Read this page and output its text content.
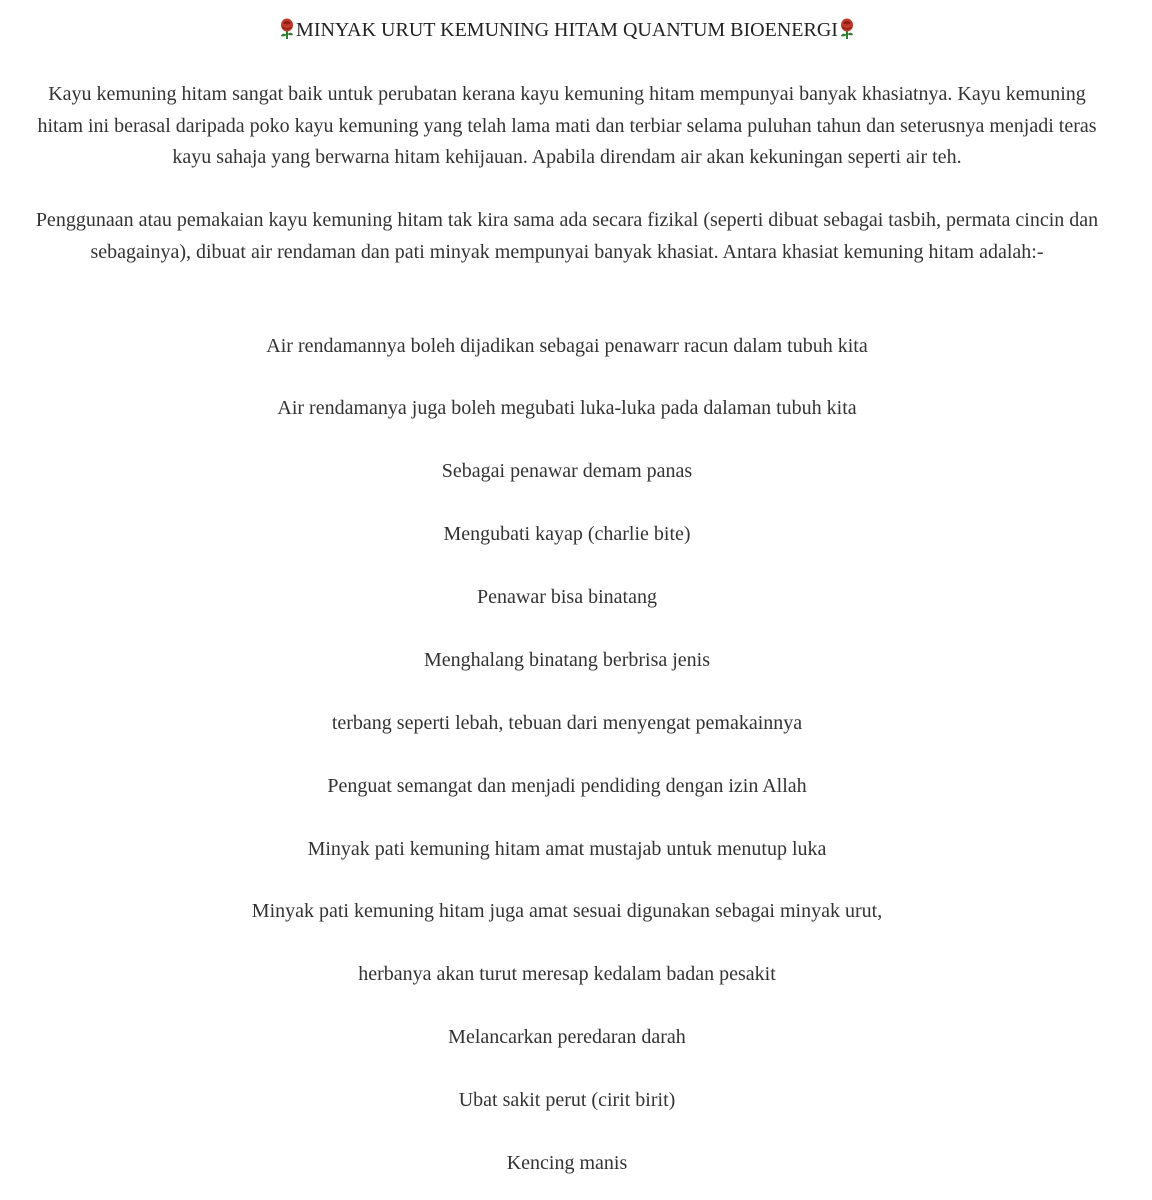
MINYAK URUT KEMUNING HITAM QUANTUM BIOENERGI

Kayu kemuning hitam sangat baik untuk perubatan kerana kayu kemuning hitam mempunyai banyak khasiatnya. Kayu kemuning hitam ini berasal daripada poko kayu kemuning yang telah lama mati dan terbiar selama puluhan tahun dan seterusnya menjadi teras kayu sahaja yang berwarna hitam kehijauan. Apabila direndam air akan kekuningan seperti air teh.

Penggunaan atau pemakaian kayu kemuning hitam tak kira sama ada secara fizikal (seperti dibuat sebagai tasbih, permata cincin dan sebagainya), dibuat air rendaman dan pati minyak mempunyai banyak khasiat. Antara khasiat kemuning hitam adalah:-

Air rendamannya boleh dijadikan sebagai penawarr racun dalam tubuh kita
Air rendamanya juga boleh megubati luka-luka pada dalaman tubuh kita
Sebagai penawar demam panas
Mengubati kayap (charlie bite)
Penawar bisa binatang
Menghalang binatang berbrisa jenis
terbang seperti lebah, tebuan dari menyengat pemakainnya
Penguat semangat dan menjadi pendiding dengan izin Allah
Minyak pati kemuning hitam amat mustajab untuk menutup luka
Minyak pati kemuning hitam juga amat sesuai digunakan sebagai minyak urut,
herbanya akan turut meresap kedalam badan pesakit
Melancarkan peredaran darah
Ubat sakit perut (cirit birit)
Kencing manis
